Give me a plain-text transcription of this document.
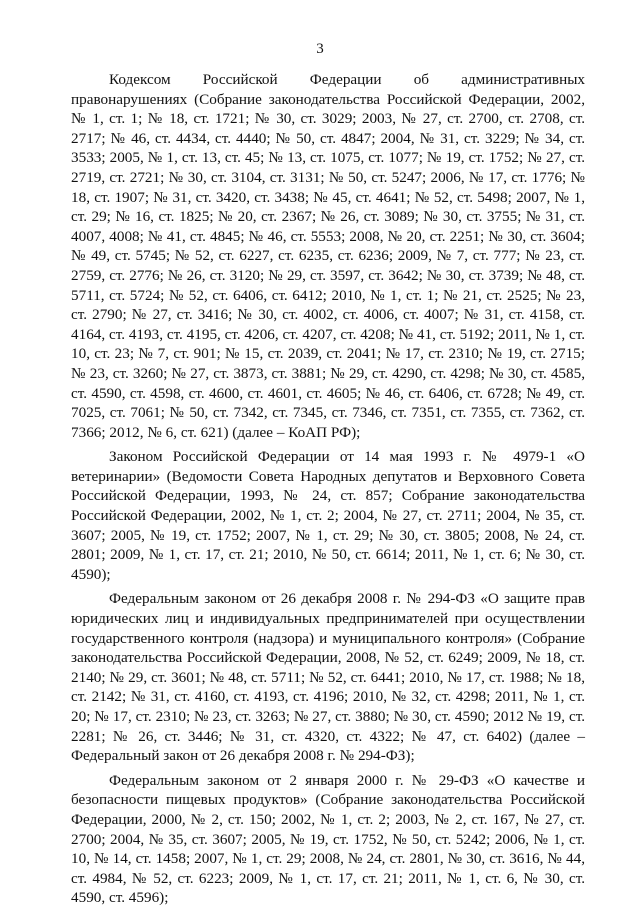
3

Кодексом Российской Федерации об административных правонарушениях (Собрание законодательства Российской Федерации, 2002, № 1, ст. 1; № 18, ст. 1721; № 30, ст. 3029; 2003, № 27, ст. 2700, ст. 2708, ст. 2717; № 46, ст. 4434, ст. 4440; № 50, ст. 4847; 2004, № 31, ст. 3229; № 34, ст. 3533; 2005, № 1, ст. 13, ст. 45; № 13, ст. 1075, ст. 1077; № 19, ст. 1752; № 27, ст. 2719, ст. 2721; № 30, ст. 3104, ст. 3131; № 50, ст. 5247; 2006, № 17, ст. 1776; № 18, ст. 1907; № 31, ст. 3420, ст. 3438; № 45, ст. 4641; № 52, ст. 5498; 2007, № 1, ст. 29; № 16, ст. 1825; № 20, ст. 2367; № 26, ст. 3089; № 30, ст. 3755; № 31, ст. 4007, 4008; № 41, ст. 4845; № 46, ст. 5553; 2008, № 20, ст. 2251; № 30, ст. 3604; № 49, ст. 5745; № 52, ст. 6227, ст. 6235, ст. 6236; 2009, № 7, ст. 777; № 23, ст. 2759, ст. 2776; № 26, ст. 3120; № 29, ст. 3597, ст. 3642; № 30, ст. 3739; № 48, ст. 5711, ст. 5724; № 52, ст. 6406, ст. 6412; 2010, № 1, ст. 1; № 21, ст. 2525; № 23, ст. 2790; № 27, ст. 3416; № 30, ст. 4002, ст. 4006, ст. 4007; № 31, ст. 4158, ст. 4164, ст. 4193, ст. 4195, ст. 4206, ст. 4207, ст. 4208; № 41, ст. 5192; 2011, № 1, ст. 10, ст. 23; № 7, ст. 901; № 15, ст. 2039, ст. 2041; № 17, ст. 2310; № 19, ст. 2715; № 23, ст. 3260; № 27, ст. 3873, ст. 3881; № 29, ст. 4290, ст. 4298; № 30, ст. 4585, ст. 4590, ст. 4598, ст. 4600, ст. 4601, ст. 4605; № 46, ст. 6406, ст. 6728; № 49, ст. 7025, ст. 7061; № 50, ст. 7342, ст. 7345, ст. 7346, ст. 7351, ст. 7355, ст. 7362, ст. 7366; 2012, № 6, ст. 621) (далее – КоАП РФ);

Законом Российской Федерации от 14 мая 1993 г. № 4979-1 «О ветеринарии» (Ведомости Совета Народных депутатов и Верховного Совета Российской Федерации, 1993, № 24, ст. 857; Собрание законодательства Российской Федерации, 2002, № 1, ст. 2; 2004, № 27, ст. 2711; 2004, № 35, ст. 3607; 2005, № 19, ст. 1752; 2007, № 1, ст. 29; № 30, ст. 3805; 2008, № 24, ст. 2801; 2009, № 1, ст. 17, ст. 21; 2010, № 50, ст. 6614; 2011, № 1, ст. 6; № 30, ст. 4590);

Федеральным законом от 26 декабря 2008 г. № 294-ФЗ «О защите прав юридических лиц и индивидуальных предпринимателей при осуществлении государственного контроля (надзора) и муниципального контроля» (Собрание законодательства Российской Федерации, 2008, № 52, ст. 6249; 2009, № 18, ст. 2140; № 29, ст. 3601; № 48, ст. 5711; № 52, ст. 6441; 2010, № 17, ст. 1988; № 18, ст. 2142; № 31, ст. 4160, ст. 4193, ст. 4196; 2010, № 32, ст. 4298; 2011, № 1, ст. 20; № 17, ст. 2310; № 23, ст. 3263; № 27, ст. 3880; № 30, ст. 4590; 2012 № 19, ст. 2281; № 26, ст. 3446; № 31, ст. 4320, ст. 4322; № 47, ст. 6402) (далее – Федеральный закон от 26 декабря 2008 г. № 294-ФЗ);

Федеральным законом от 2 января 2000 г. № 29-ФЗ «О качестве и безопасности пищевых продуктов» (Собрание законодательства Российской Федерации, 2000, № 2, ст. 150; 2002, № 1, ст. 2; 2003, № 2, ст. 167, № 27, ст. 2700; 2004, № 35, ст. 3607; 2005, № 19, ст. 1752, № 50, ст. 5242; 2006, № 1, ст. 10, № 14, ст. 1458; 2007, № 1, ст. 29; 2008, № 24, ст. 2801, № 30, ст. 3616, № 44, ст. 4984, № 52, ст. 6223; 2009, № 1, ст. 17, ст. 21; 2011, № 1, ст. 6, № 30, ст. 4590, ст. 4596);
